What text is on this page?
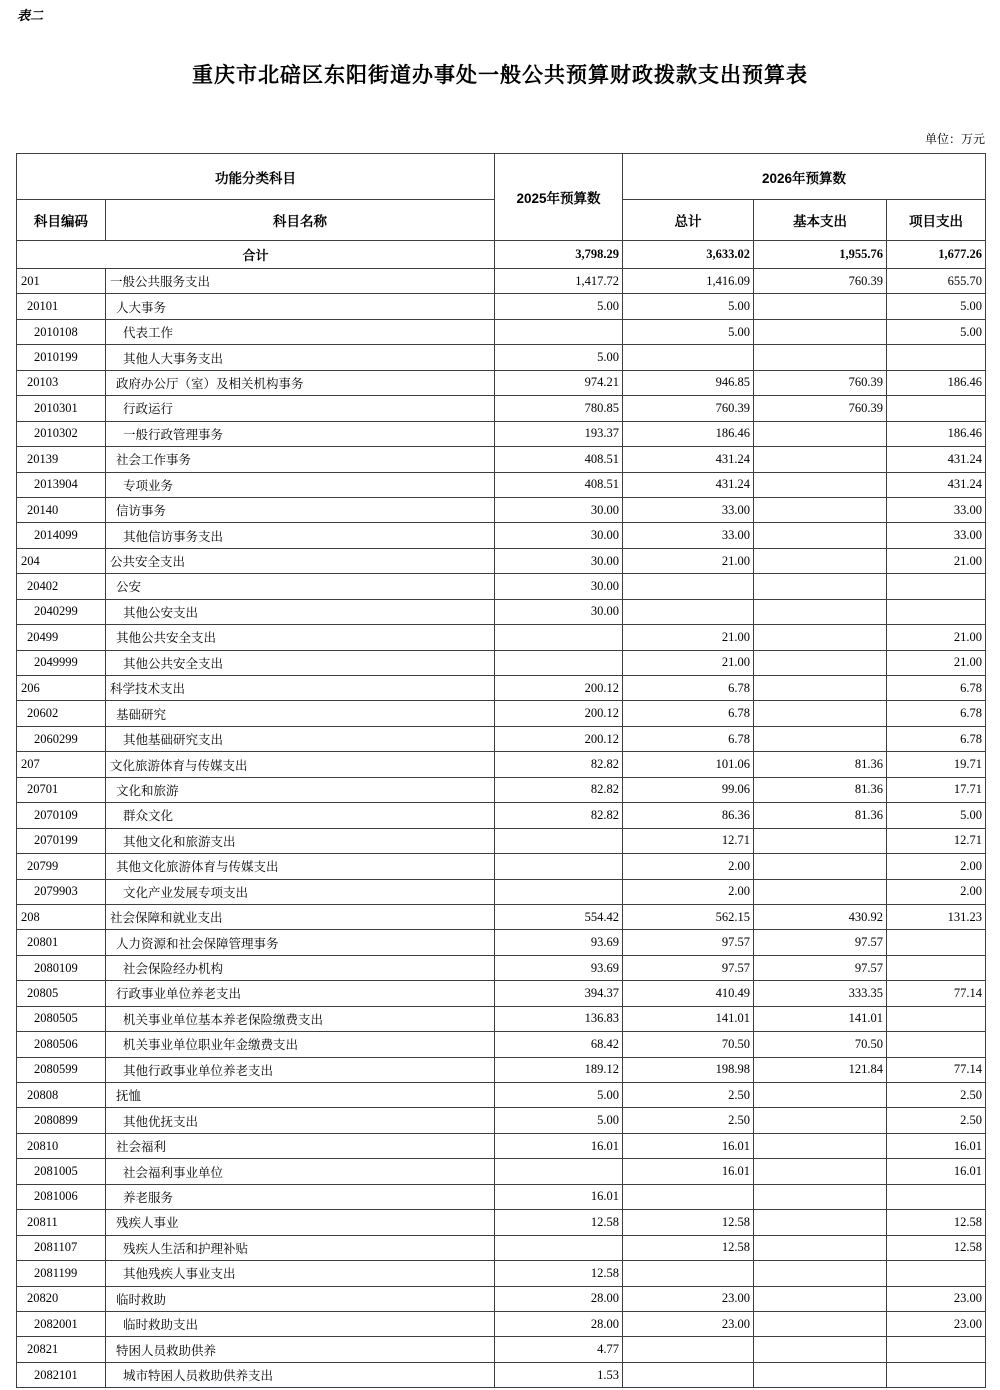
表二
重庆市北碚区东阳街道办事处一般公共预算财政拨款支出预算表
单位：万元
功能分类科目		2025年预算数	2026年预算数		
科目编码	科目名称		总计	基本支出	项目支出
合计		3,798.29	3,633.02	1,955.76	1,677.26
201	一般公共服务支出	1,417.72	1,416.09	760.39	655.70
20101	人大事务	5.00	5.00		5.00
2010108	代表工作		5.00		5.00
2010199	其他人大事务支出	5.00			
20103	政府办公厅（室）及相关机构事务	974.21	946.85	760.39	186.46
2010301	行政运行	780.85	760.39	760.39	
2010302	一般行政管理事务	193.37	186.46		186.46
20139	社会工作事务	408.51	431.24		431.24
2013904	专项业务	408.51	431.24		431.24
20140	信访事务	30.00	33.00		33.00
2014099	其他信访事务支出	30.00	33.00		33.00
204	公共安全支出	30.00	21.00		21.00
20402	公安	30.00			
2040299	其他公安支出	30.00			
20499	其他公共安全支出		21.00		21.00
2049999	其他公共安全支出		21.00		21.00
206	科学技术支出	200.12	6.78		6.78
20602	基础研究	200.12	6.78		6.78
2060299	其他基础研究支出	200.12	6.78		6.78
207	文化旅游体育与传媒支出	82.82	101.06	81.36	19.71
20701	文化和旅游	82.82	99.06	81.36	17.71
2070109	群众文化	82.82	86.36	81.36	5.00
2070199	其他文化和旅游支出		12.71		12.71
20799	其他文化旅游体育与传媒支出		2.00		2.00
2079903	文化产业发展专项支出		2.00		2.00
208	社会保障和就业支出	554.42	562.15	430.92	131.23
20801	人力资源和社会保障管理事务	93.69	97.57	97.57	
2080109	社会保险经办机构	93.69	97.57	97.57	
20805	行政事业单位养老支出	394.37	410.49	333.35	77.14
2080505	机关事业单位基本养老保险缴费支出	136.83	141.01	141.01	
2080506	机关事业单位职业年金缴费支出	68.42	70.50	70.50	
2080599	其他行政事业单位养老支出	189.12	198.98	121.84	77.14
20808	抚恤	5.00	2.50		2.50
2080899	其他优抚支出	5.00	2.50		2.50
20810	社会福利	16.01	16.01		16.01
2081005	社会福利事业单位		16.01		16.01
2081006	养老服务	16.01			
20811	残疾人事业	12.58	12.58		12.58
2081107	残疾人生活和护理补贴		12.58		12.58
2081199	其他残疾人事业支出	12.58			
20820	临时救助	28.00	23.00		23.00
2082001	临时救助支出	28.00	23.00		23.00
20821	特困人员救助供养	4.77			
2082101	城市特困人员救助供养支出	1.53			
